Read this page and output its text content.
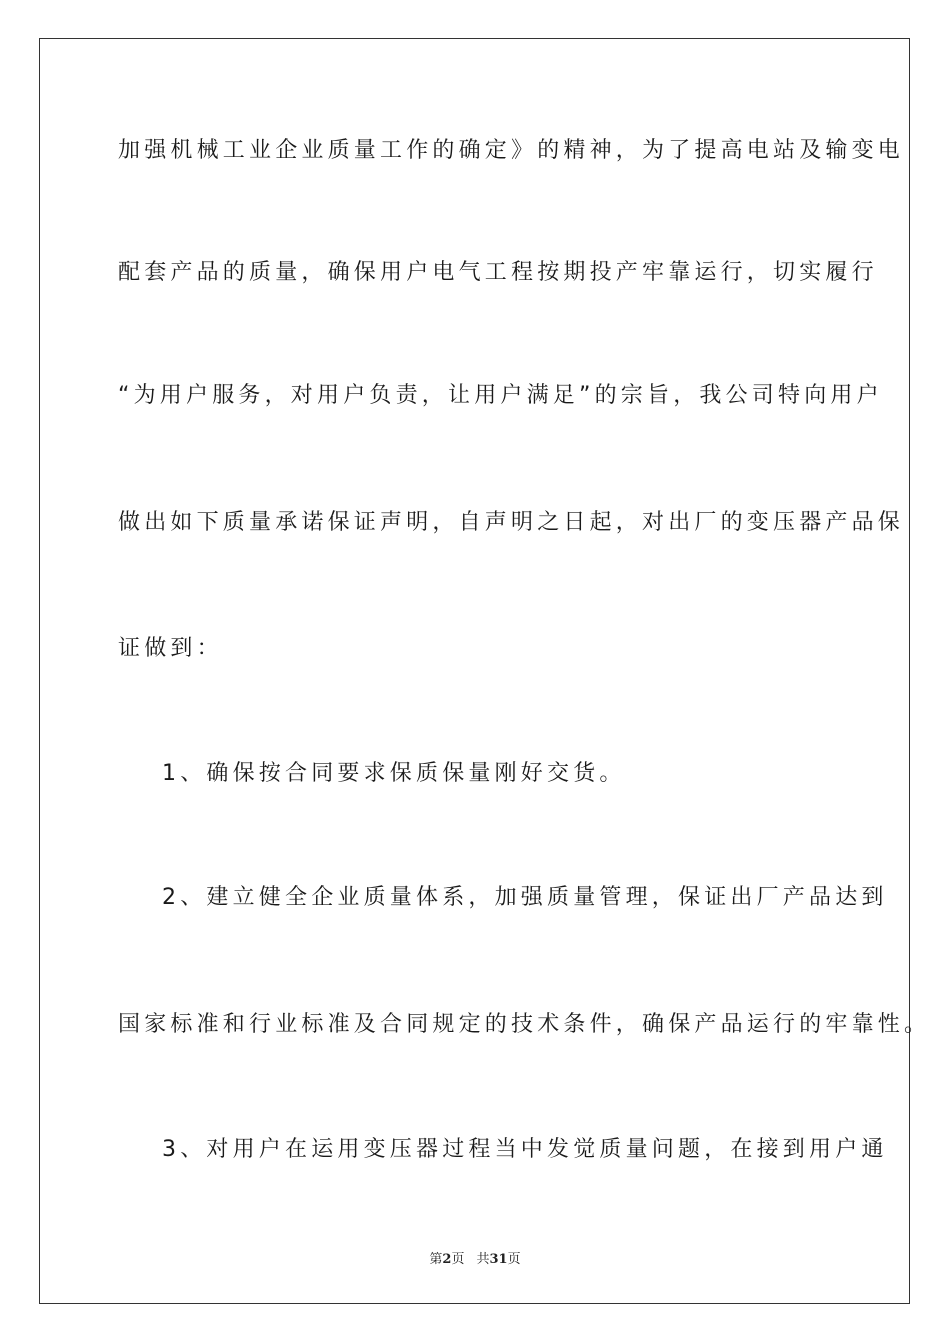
加强机械工业企业质量工作的确定》的精神，为了提高电站及输变电
配套产品的质量，确保用户电气工程按期投产牢靠运行，切实履行
“为用户服务，对用户负责，让用户满足”的宗旨，我公司特向用户
做出如下质量承诺保证声明，自声明之日起，对出厂的变压器产品保
证做到：
1、确保按合同要求保质保量刚好交货。
2、建立健全企业质量体系，加强质量管理，保证出厂产品达到
国家标准和行业标准及合同规定的技术条件，确保产品运行的牢靠性。
3、对用户在运用变压器过程当中发觉质量问题，在接到用户通
第2页 共31页
